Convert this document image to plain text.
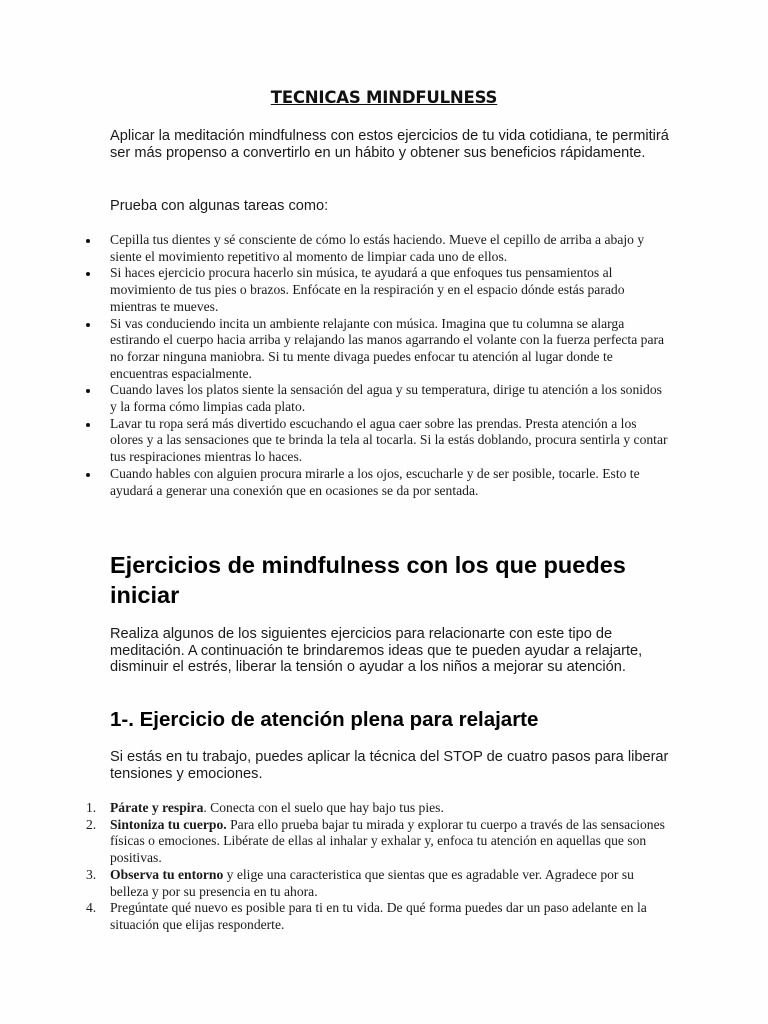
TECNICAS MINDFULNESS
Aplicar la meditación mindfulness con estos ejercicios de tu vida cotidiana, te permitirá ser más propenso a convertirlo en un hábito y obtener sus beneficios rápidamente.
Prueba con algunas tareas como:
Cepilla tus dientes y sé consciente de cómo lo estás haciendo. Mueve el cepillo de arriba a abajo y siente el movimiento repetitivo al momento de limpiar cada uno de ellos.
Si haces ejercicio procura hacerlo sin música, te ayudará a que enfoques tus pensamientos al movimiento de tus pies o brazos. Enfócate en la respiración y en el espacio dónde estás parado mientras te mueves.
Si vas conduciendo incita un ambiente relajante con música. Imagina que tu columna se alarga estirando el cuerpo hacia arriba y relajando las manos agarrando el volante con la fuerza perfecta para no forzar ninguna maniobra. Si tu mente divaga puedes enfocar tu atención al lugar donde te encuentras espacialmente.
Cuando laves los platos siente la sensación del agua y su temperatura, dirige tu atención a los sonidos y la forma cómo limpias cada plato.
Lavar tu ropa será más divertido escuchando el agua caer sobre las prendas. Presta atención a los olores y a las sensaciones que te brinda la tela al tocarla. Si la estás doblando, procura sentirla y contar tus respiraciones mientras lo haces.
Cuando hables con alguien procura mirarle a los ojos, escucharle y de ser posible, tocarle. Esto te ayudará a generar una conexión que en ocasiones se da por sentada.
Ejercicios de mindfulness con los que puedes iniciar
Realiza algunos de los siguientes ejercicios para relacionarte con este tipo de meditación. A continuación te brindaremos ideas que te pueden ayudar a relajarte, disminuir el estrés, liberar la tensión o ayudar a los niños a mejorar su atención.
1-. Ejercicio de atención plena para relajarte
Si estás en tu trabajo, puedes aplicar la técnica del STOP de cuatro pasos para liberar tensiones y emociones.
1. Párate y respira. Conecta con el suelo que hay bajo tus pies.
2. Sintoniza tu cuerpo. Para ello prueba bajar tu mirada y explorar tu cuerpo a través de las sensaciones físicas o emociones. Libérate de ellas al inhalar y exhalar y, enfoca tu atención en aquellas que son positivas.
3. Observa tu entorno y elige una caracteristica que sientas que es agradable ver. Agradece por su belleza y por su presencia en tu ahora.
4. Pregúntate qué nuevo es posible para ti en tu vida. De qué forma puedes dar un paso adelante en la situación que elijas responderte.
